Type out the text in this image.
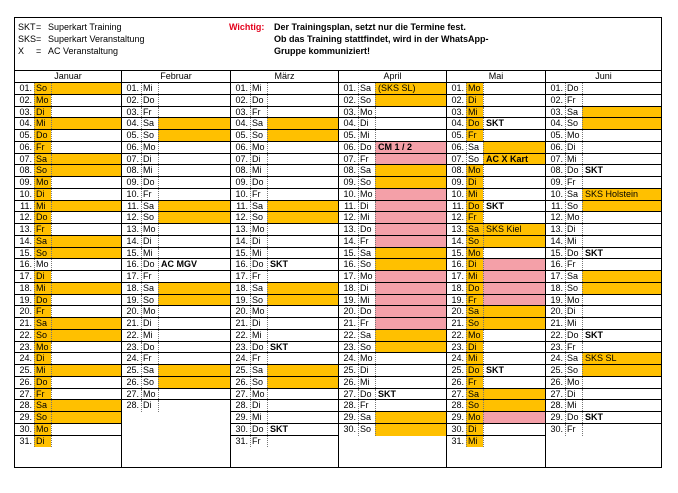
SKT = Superkart Training
SKS = Superkart Veranstaltung
X	= AC Veranstaltung
Wichtig: Der Trainingsplan, setzt nur die Termine fest.
Ob das Training stattfindet, wird in der WhatsApp-
Gruppe kommuniziert!
Januar
01. So
02. Mo
03. Di
04. Mi
05. Do
06. Fr
07. Sa
08. So
09. Mo
10. Di
11. Mi
12. Do
13. Fr
14. Sa
15. So
16. Mo
17. Di
18. Mi
19. Do
20. Fr
21. Sa
22. So
23. Mo
24. Di
25. Mi
26. Do
27. Fr
28. Sa
29. So
30. Mo
31. Di
Februar
01. Mi
02. Do
03. Fr
04. Sa
05. So
06. Mo
07. Di
08. Mi
09. Do
10. Fr
11. Sa
12. So
13. Mo
14. Di
15. Mi
16. Do AC MGV
17. Fr
18. Sa
19. So
20. Mo
21. Di
22. Mi
23. Do
24. Fr
25. Sa
26. So
27. Mo
28. Di
März
01. Mi
02. Do
03. Fr
04. Sa
05. So
06. Mo
07. Di
08. Mi
09. Do
10. Fr
11. Sa
12. So
13. Mo
14. Di
15. Mi
16. Do SKT
17. Fr
18. Sa
19. So
20. Mo
21. Di
22. Mi
23. Do SKT
24. Fr
25. Sa
26. So
27. Mo
28. Di
29. Mi
30. Do SKT
31. Fr
April
01. Sa (SKS SL)
02. So
03. Mo
04. Di
05. Mi
06. Do CM 1 / 2
07. Fr
08. Sa
09. So
10. Mo
11. Di
12. Mi
13. Do
14. Fr
15. Sa
16. So
17. Mo
18. Di
19. Mi
20. Do
21. Fr
22. Sa
23. So
24. Mo
25. Di
26. Mi
27. Do SKT
28. Fr
29. Sa
30. So
Mai
01. Mo
02. Di
03. Mi
04. Do SKT
05. Fr
06. Sa
07. So AC X Kart
08. Mo
09. Di
10. Mi
11. Do SKT
12. Fr
13. Sa SKS Kiel
14. So
15. Mo
16. Di
17. Mi
18. Do
19. Fr
20. Sa
21. So
22. Mo
23. Di
24. Mi
25. Do SKT
26. Fr
27. Sa
28. So
29. Mo
30. Di
31. Mi
Juni
01. Do
02. Fr
03. Sa
04. So
05. Mo
06. Di
07. Mi
08. Do SKT
09. Fr
10. Sa SKS Holstein
11. So
12. Mo
13. Di
14. Mi
15. Do SKT
16. Fr
17. Sa
18. So
19. Mo
20. Di
21. Mi
22. Do SKT
23. Fr
24. Sa SKS SL
25. So
26. Mo
27. Di
28. Mi
29. Do SKT
30. Fr
